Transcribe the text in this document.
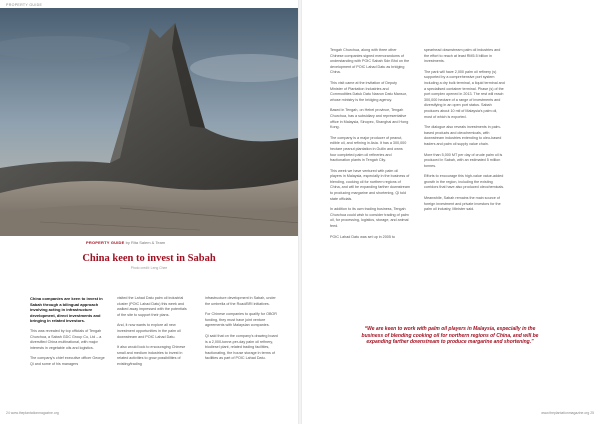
PROPERTY GUIDE
PROPERTY GUIDE by Rita Salem & Team
China keen to invest in Sabah
Photo credit: Leng Chee

China companies are keen to invest in Sabah through a bilingual approach involving acting in infrastructure development, direct investments and bringing in related investors.

This was revealed by top officials of Tengah Churchua, a Sabah GDC Group Co, Ltd – a diversified China multinational, with major interests in vegetable oils and logistics.

The company's chief executive officer George Qi and some of his managers

visited the Lahad Datu palm oil industrial cluster (POIC Lahad Datu) this week and walked away impressed with the potentials of the site to support their plans.

And, it now wants to explore all new investment opportunities in the palm oil downstream and POIC Lahad Datu.

It also would look to encouraging Chinese small and medium industries to invest in related activities to grow possibilities of existing/trading

infrastructure development in Sabah, under the umbrella of the Road/BRI initiatives.

For Chinese companies to qualify for OBOR funding, they must have joint venture agreements with Malaysian companies.

Qi said that on the company's drawing board is a 2,000-tonne-per-day palm oil refinery, biodiesel plant, related trading facilities, fractionating, the house storage in terms of facilities as part of POIC Lahad Datu.

Tengah Churchua, along with three other Chinese companies signed memorandums of understanding with POIC Sabah Sdn Bhd on the development of POIC Lahad Datu as bridging China.

This visit came at the invitation of Deputy Minister of Plantation Industries and Commodities Datuk Datu Nasrun Datu Mansur, whose ministry is the bridging agency.

Based in Tengah, on Hebei province, Tengah Churchua, has a subsidiary and representative office in Malaysia, Sinopec, Shanghai and Hong Kong.

The company is a major producer of peanut, edible oil, and refining in Asia. It has a 300,000 hectare peanut plantation in Guilin and owns four completed palm oil refineries and fractionation plants in Tengah City.

This week we have ventured with palm oil players in Malaysia, especially in the business of blending, cooking oil for northern regions of China, and will be expanding farther downstream to producing margarine and shortening, Qi told state officials.

In addition to its own trading business, Tengah Churchua could wish to consider trading of palm oil, for processing, logistics, storage, and animal feed.

POIC Lahad Datu was set up in 2005 to

spearhead downstream palm oil industries and the effort to reach at least RM5.5 billion in investments.

The park will have 2,000 palm oil refinery (s) supported by a comprehensive port system including a dry bulk terminal, a liquid terminal and a specialised container terminal. Phase (s) of the port complex opened in 2013. The rest will reach 300,000 hectare of a range of investments and diversifying in an open port status. Sabah produces about 10 mil of Malaysia's palm oil, most of which is exported.

The dialogue also reveals investments in palm-based products and oleochemicals, with downstream industries extending to oleo-based traders and palm oil supply value chain.

More than 5,000 MT per day of crude palm oil is produced in Sabah, with an estimated 5 million tonnes.

Efforts to encourage this high-value value-added growth in the region, including the existing corridors that have also produced oleochemicals.

Meanwhile, Sabah remains the main source of foreign investment and private investors for the palm oil industry, Minister said.

“We are keen to work with palm oil players in Malaysia, especially in the business of blending cooking oil for northern regions of China, and will be expanding farther downstream to produce margarine and shortening.”
24 www.theplantationmagazine.org	www.theplantationmagazine.org 25
